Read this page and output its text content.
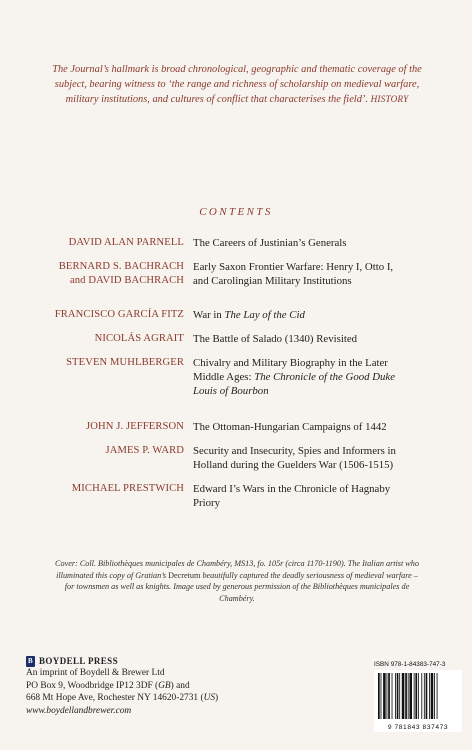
The Journal’s hallmark is broad chronological, geographic and thematic coverage of the
subject, bearing witness to ‘the range and richness of scholarship on medieval warfare,
military institutions, and cultures of conflict that characterises the field’. HISTORY
CONTENTS
DAVID ALAN PARNELL The Careers of Justinian’s Generals
BERNARD S. BACHRACH
and DAVID BACHRACH
Early Saxon Frontier Warfare: Henry I, Otto I,
and Carolingian Military Institutions
FRANCISCO GARCÍA FITZ War in The Lay of the Cid
NICOLÁS AGRAIT The Battle of Salado (1340) Revisited
STEVEN MUHLBERGER Chivalry and Military Biography in the Later
Middle Ages: The Chronicle of the Good Duke
Louis of Bourbon
JOHN J. JEFFERSON The Ottoman-Hungarian Campaigns of 1442
JAMES P. WARD Security and Insecurity, Spies and Informers in
Holland during the Guelders War (1506-1515)
MICHAEL PRESTWICH Edward I’s Wars in the Chronicle of Hagnaby
Priory
Cover: Coll. Bibliothèques municipales de Chambéry, MS13, fo. 105r (circa 1170-1190). The Italian artist who
illuminated this copy of Gratian’s Decretum beautifully captured the deadly seriousness of medieval warfare –
for townsmen as well as knights. Image used by generous permission of the Bibliothèques municipales de
Chambéry.
B BOYDELL PRESS
An imprint of Boydell & Brewer Ltd
PO Box 9, Woodbridge IP12 3DF (GB) and
668 Mt Hope Ave, Rochester NY 14620-2731 (US)
www.boydellandbrewer.com
ISBN 978-1-84383-747-3
9 781843 837473
